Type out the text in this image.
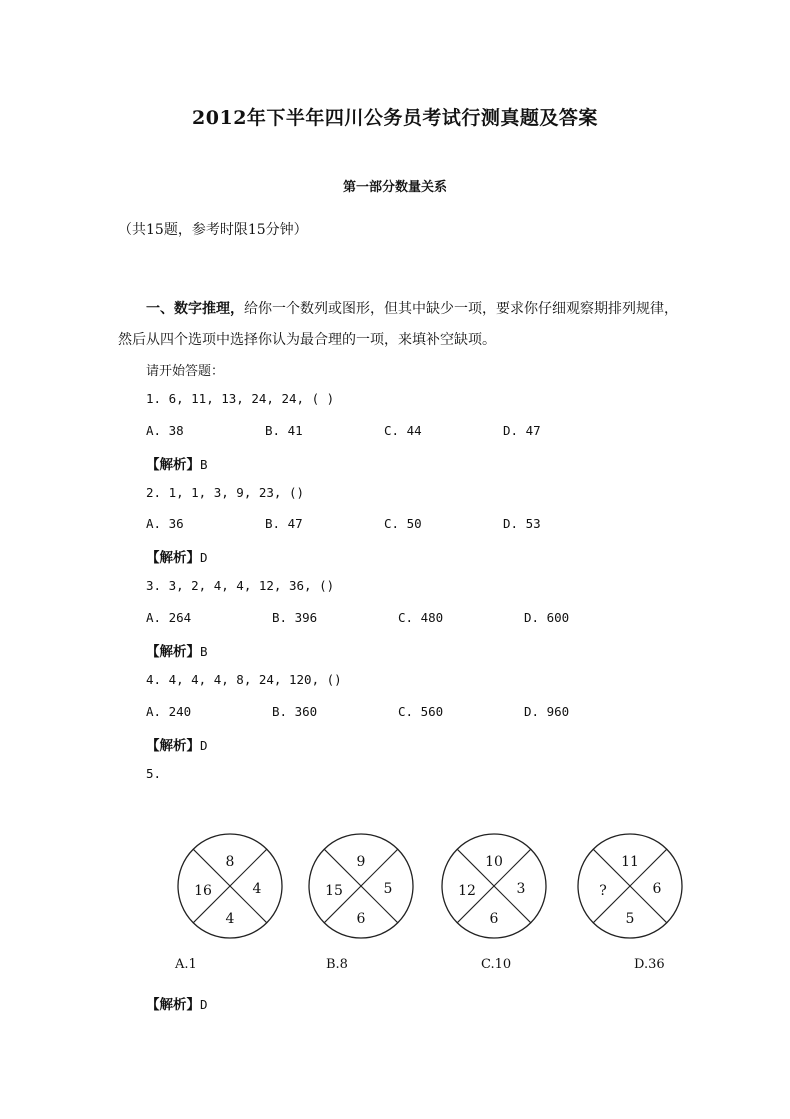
2012年下半年四川公务员考试行测真题及答案
第一部分数量关系
（共15题，参考时限15分钟）
一、数字推理，给你一个数列或图形，但其中缺少一项，要求你仔细观察期排列规律，
然后从四个选项中选择你认为最合理的一项，来填补空缺项。
请开始答题：
1. 6, 11, 13, 24, 24, ( )
A. 38	B. 41	C. 44	D. 47
【解析】B
2. 1, 1, 3, 9, 23, ()
A. 36	B. 47	C. 50	D. 53
【解析】D
3. 3, 2, 4, 4, 12, 36, ()
A. 264	B. 396	C. 480	D. 600
【解析】B
4. 4, 4, 4, 8, 24, 120, ()
A. 240	B. 360	C. 560	D. 960
【解析】D
5.
8
16	4
4
9
15	5
6
10
12	3
6
11
?	6
5
A.1	B.8	C.10	D.36
【解析】D
